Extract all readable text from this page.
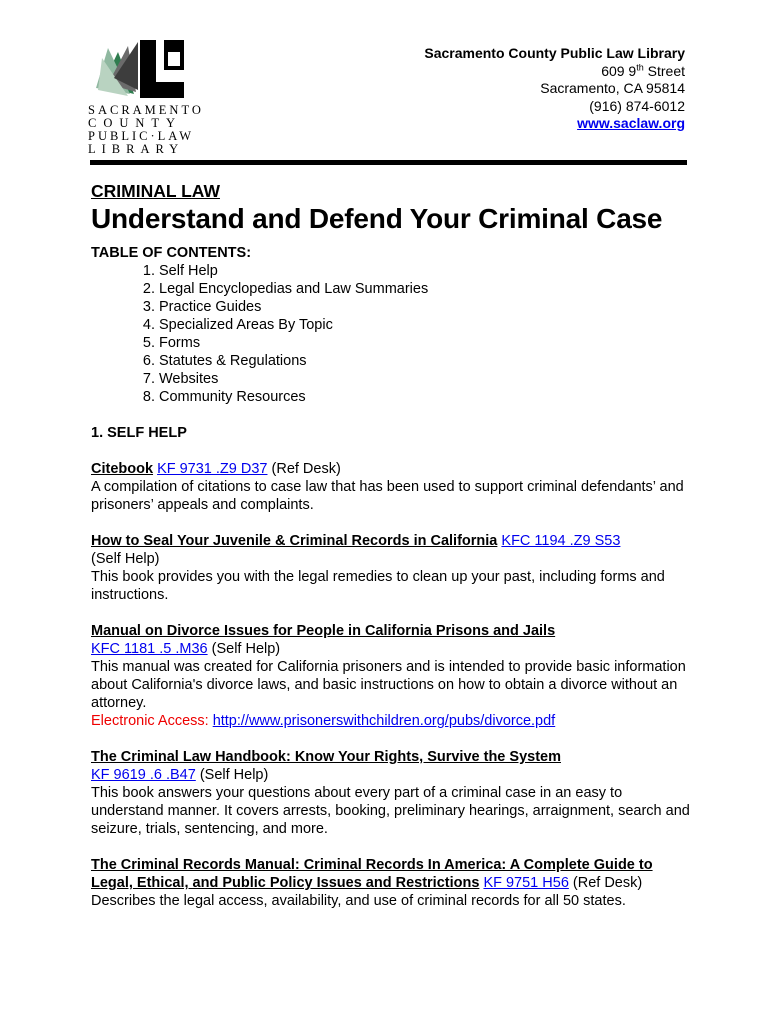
SACRAMENTO
COUNTY
PUBLIC·LAW
LIBRARY
Sacramento County Public Law Library
609 9th Street
Sacramento, CA 95814
(916) 874-6012
www.saclaw.org
CRIMINAL LAW
Understand and Defend Your Criminal Case
TABLE OF CONTENTS:
1. Self Help
2. Legal Encyclopedias and Law Summaries
3. Practice Guides
4. Specialized Areas By Topic
5. Forms
6. Statutes & Regulations
7. Websites
8. Community Resources
1. SELF HELP
Citebook KF 9731 .Z9 D37 (Ref Desk)
A compilation of citations to case law that has been used to support criminal defendants’ and prisoners’ appeals and complaints.
How to Seal Your Juvenile & Criminal Records in California KFC 1194 .Z9 S53
(Self Help)
This book provides you with the legal remedies to clean up your past, including forms and instructions.
Manual on Divorce Issues for People in California Prisons and Jails
KFC 1181 .5 .M36 (Self Help)
This manual was created for California prisoners and is intended to provide basic information about California's divorce laws, and basic instructions on how to obtain a divorce without an attorney.
Electronic Access: http://www.prisonerswithchildren.org/pubs/divorce.pdf
The Criminal Law Handbook: Know Your Rights, Survive the System
KF 9619 .6 .B47 (Self Help)
This book answers your questions about every part of a criminal case in an easy to understand manner. It covers arrests, booking, preliminary hearings, arraignment, search and seizure, trials, sentencing, and more.
The Criminal Records Manual: Criminal Records In America: A Complete Guide to Legal, Ethical, and Public Policy Issues and Restrictions KF 9751 H56 (Ref Desk)
Describes the legal access, availability, and use of criminal records for all 50 states.
